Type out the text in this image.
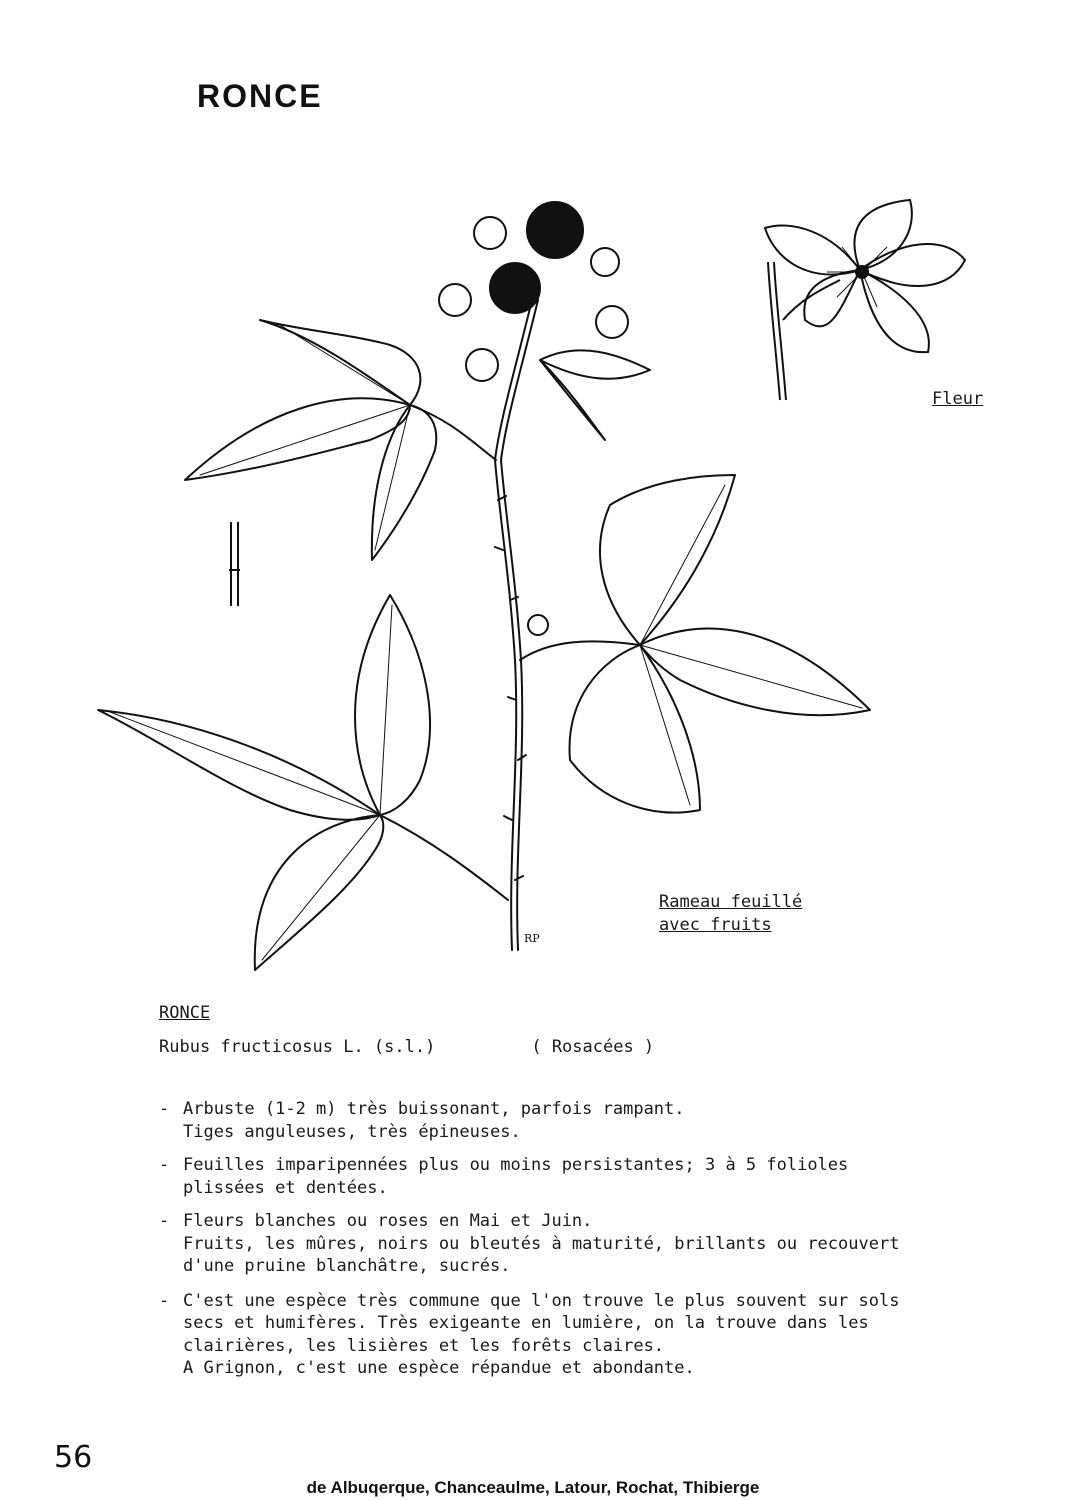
RONCE
RP
Fleur
Rameau feuillé
avec fruits
RONCE
Rubus fructicosus L. (s.l.)	( Rosacées )
- Arbuste (1-2 m) très buissonant, parfois rampant.
Tiges anguleuses, très épineuses.
- Feuilles imparipennées plus ou moins persistantes; 3 à 5 folioles
plissées et dentées.
- Fleurs blanches ou roses en Mai et Juin.
Fruits, les mûres, noirs ou bleutés à maturité, brillants ou recouvert
d'une pruine blanchâtre, sucrés.
- C'est une espèce très commune que l'on trouve le plus souvent sur sols
secs et humifères. Très exigeante en lumière, on la trouve dans les
clairières, les lisières et les forêts claires.
A Grignon, c'est une espèce répandue et abondante.
56
de Albuqerque, Chanceaulme, Latour, Rochat, Thibierge
